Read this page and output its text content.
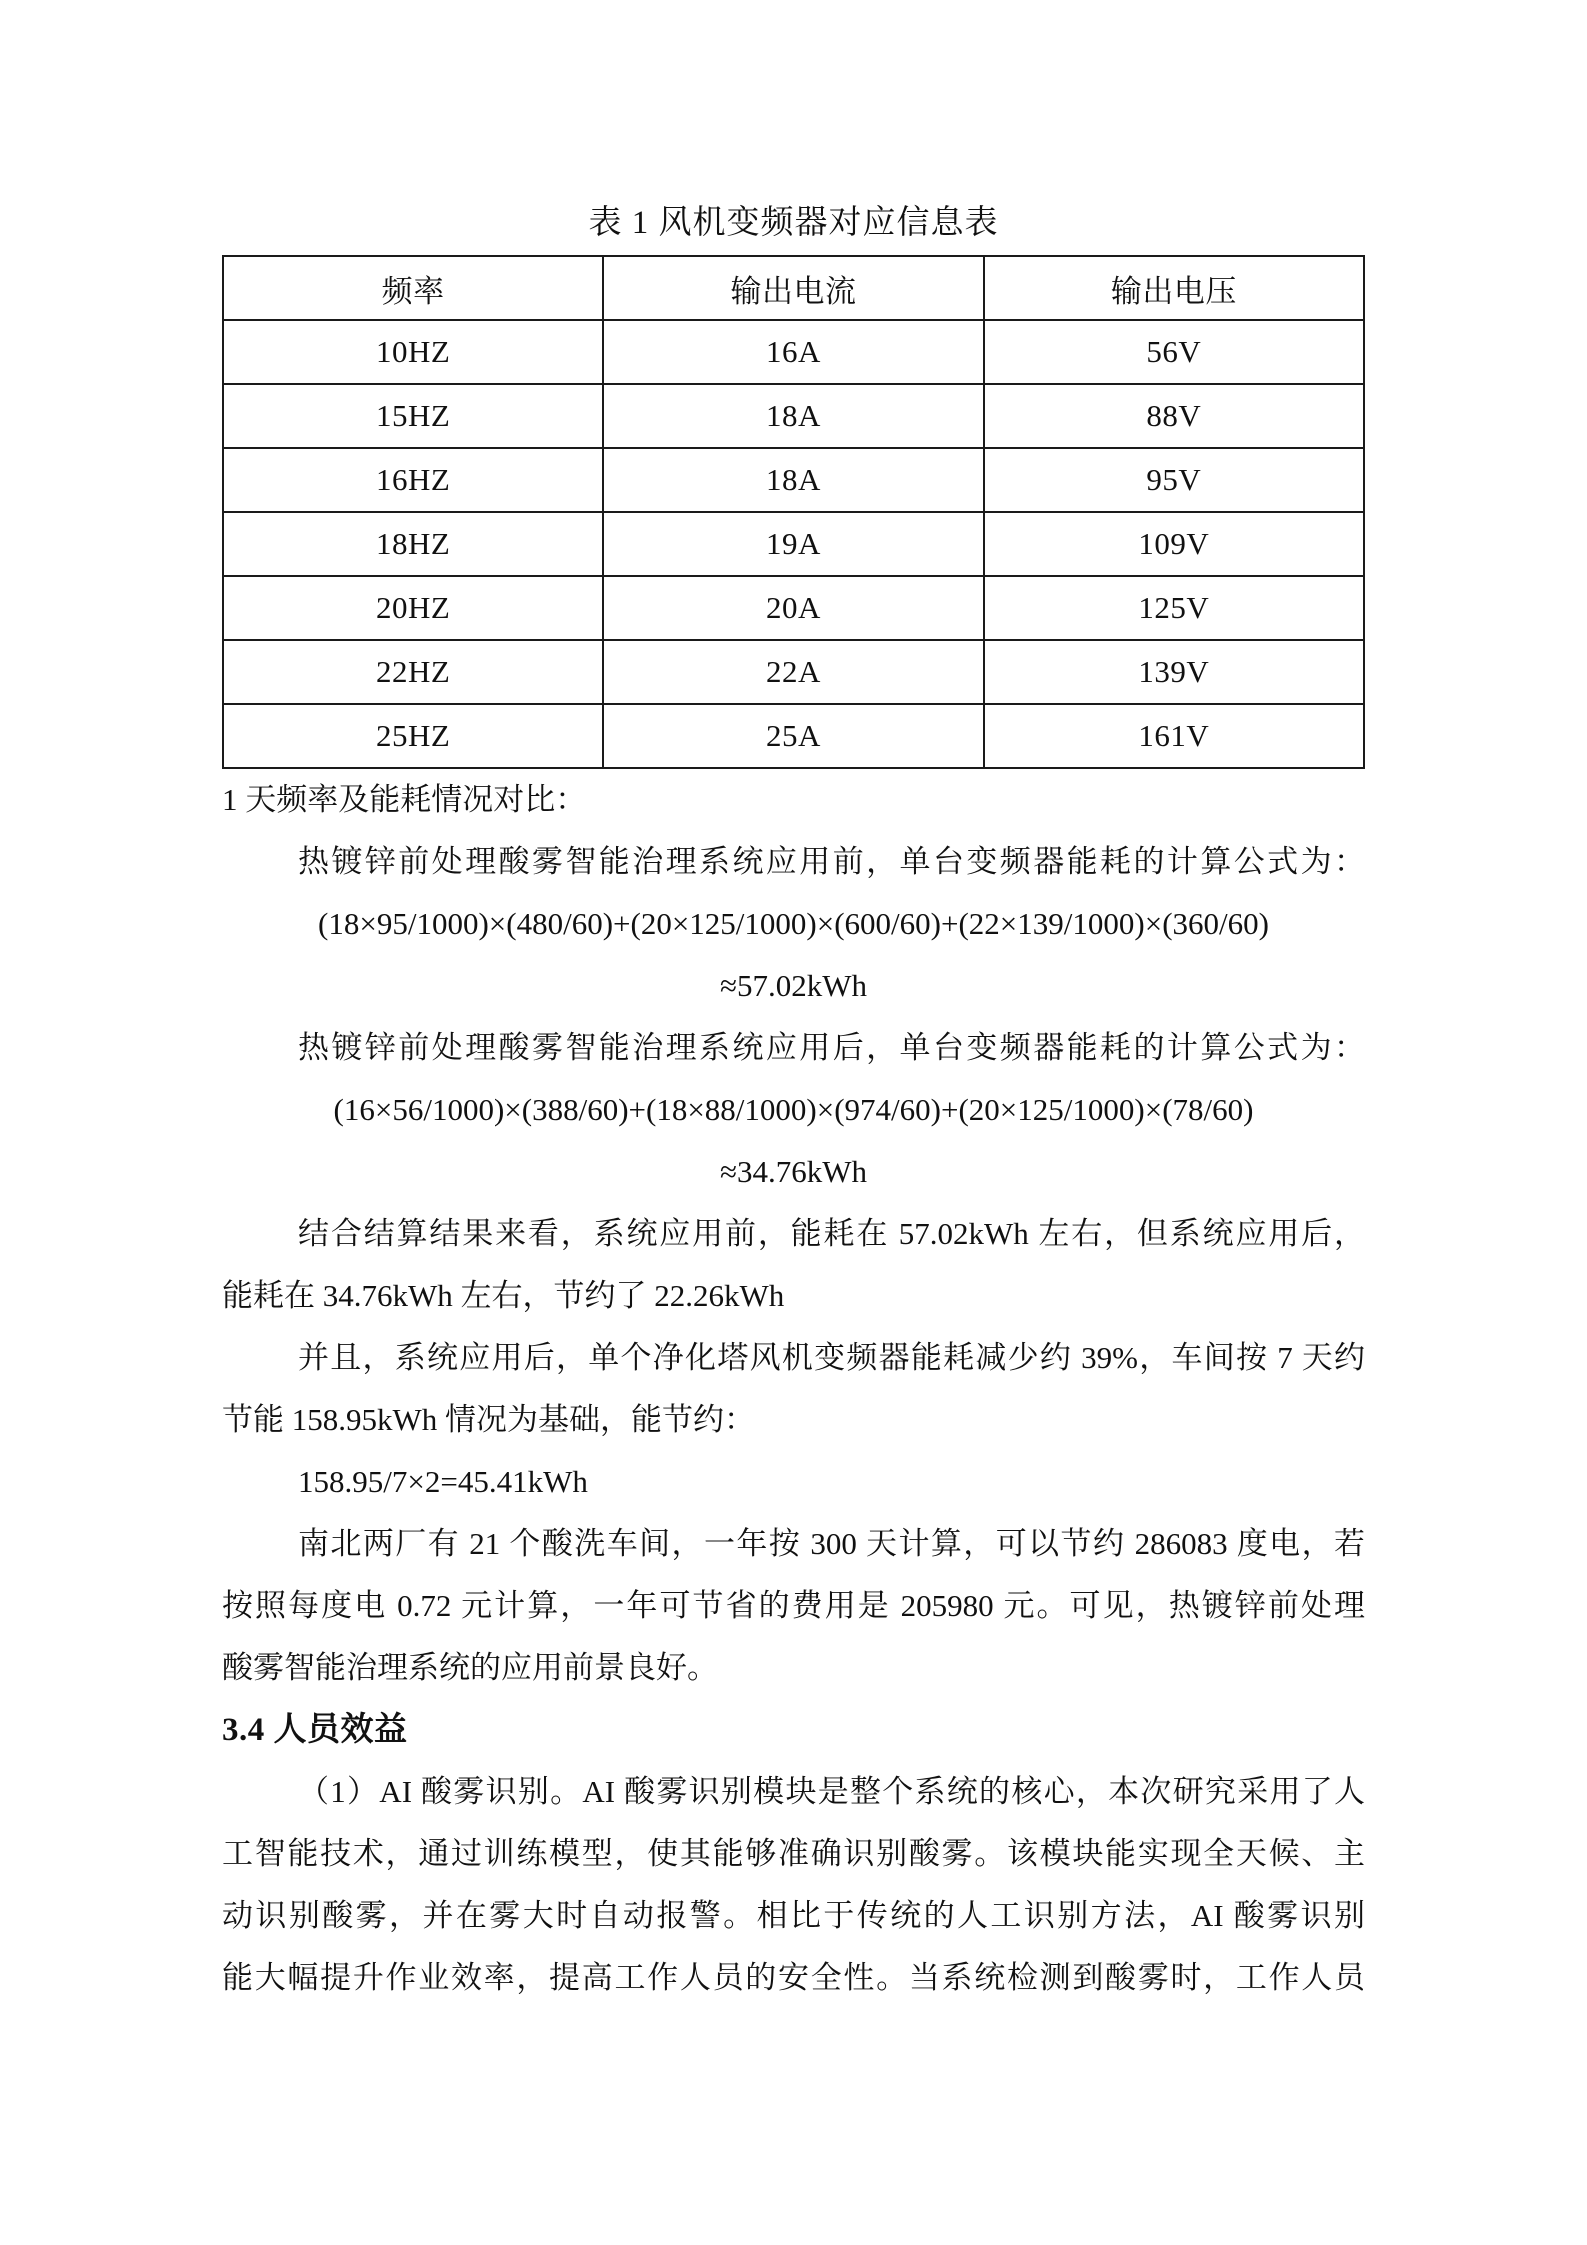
表 1 风机变频器对应信息表
频率	输出电流	输出电压
10HZ	16A	56V
15HZ	18A	88V
16HZ	18A	95V
18HZ	19A	109V
20HZ	20A	125V
22HZ	22A	139V
25HZ	25A	161V
1 天频率及能耗情况对比：
热镀锌前处理酸雾智能治理系统应用前，单台变频器能耗的计算公式为：
(18×95/1000)×(480/60)+(20×125/1000)×(600/60)+(22×139/1000)×(360/60)
≈57.02kWh
热镀锌前处理酸雾智能治理系统应用后，单台变频器能耗的计算公式为：
(16×56/1000)×(388/60)+(18×88/1000)×(974/60)+(20×125/1000)×(78/60)
≈34.76kWh
结合结算结果来看，系统应用前，能耗在 57.02kWh 左右，但系统应用后，
能耗在 34.76kWh 左右，节约了 22.26kWh
并且，系统应用后，单个净化塔风机变频器能耗减少约 39%，车间按 7 天约
节能 158.95kWh 情况为基础，能节约：
158.95/7×2=45.41kWh
南北两厂有 21 个酸洗车间，一年按 300 天计算，可以节约 286083 度电，若
按照每度电 0.72 元计算，一年可节省的费用是 205980 元。可见，热镀锌前处理
酸雾智能治理系统的应用前景良好。
3.4 人员效益
（1）AI 酸雾识别。AI 酸雾识别模块是整个系统的核心，本次研究采用了人
工智能技术，通过训练模型，使其能够准确识别酸雾。该模块能实现全天候、主
动识别酸雾，并在雾大时自动报警。相比于传统的人工识别方法，AI 酸雾识别
能大幅提升作业效率，提高工作人员的安全性。当系统检测到酸雾时，工作人员
